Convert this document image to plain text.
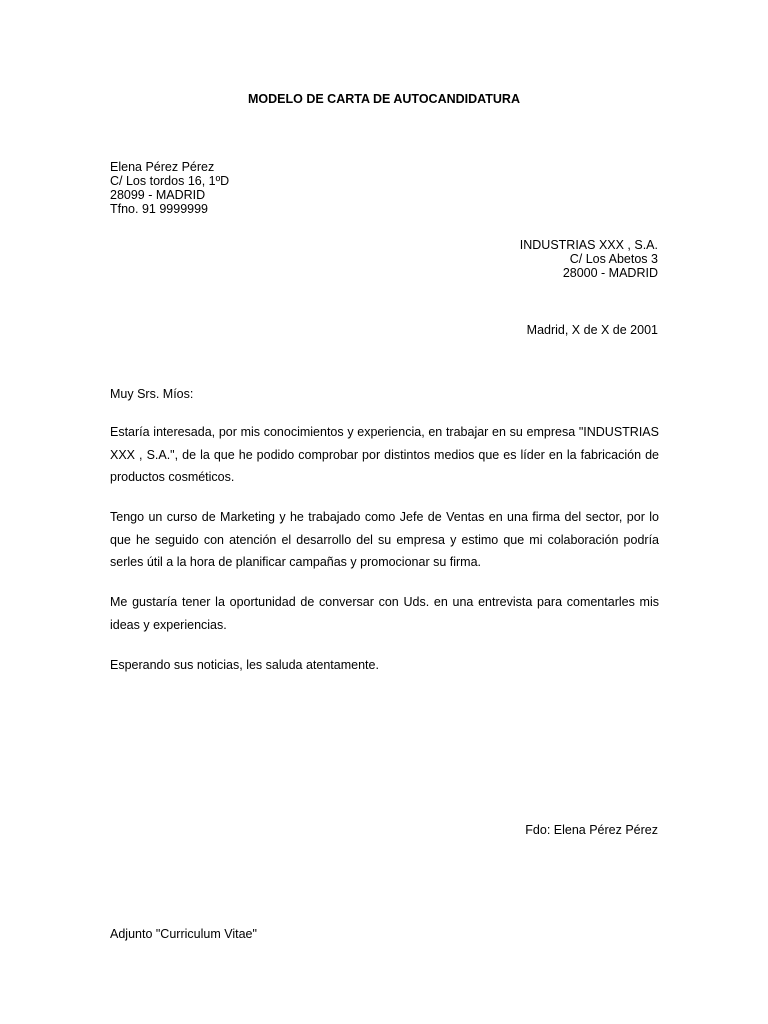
MODELO DE CARTA DE AUTOCANDIDATURA
Elena Pérez Pérez
C/ Los tordos 16, 1ºD
28099 - MADRID
Tfno. 91 9999999
INDUSTRIAS XXX , S.A.
C/ Los Abetos 3
28000 - MADRID
Madrid, X de X de 2001
Muy Srs. Míos:

Estaría interesada, por mis conocimientos y experiencia, en trabajar en su empresa "INDUSTRIAS XXX , S.A.", de la que he podido comprobar por distintos medios que es líder en la fabricación de productos cosméticos.

Tengo un curso de Marketing y he trabajado como Jefe de Ventas en una firma del sector, por lo que he seguido con atención el desarrollo del su empresa y estimo que mi colaboración podría serles útil a la hora de planificar campañas y promocionar su firma.

Me gustaría tener la oportunidad de conversar con Uds. en una entrevista para comentarles mis ideas y experiencias.

Esperando sus noticias, les saluda atentamente.

Fdo: Elena Pérez Pérez
Adjunto "Curriculum Vitae"
